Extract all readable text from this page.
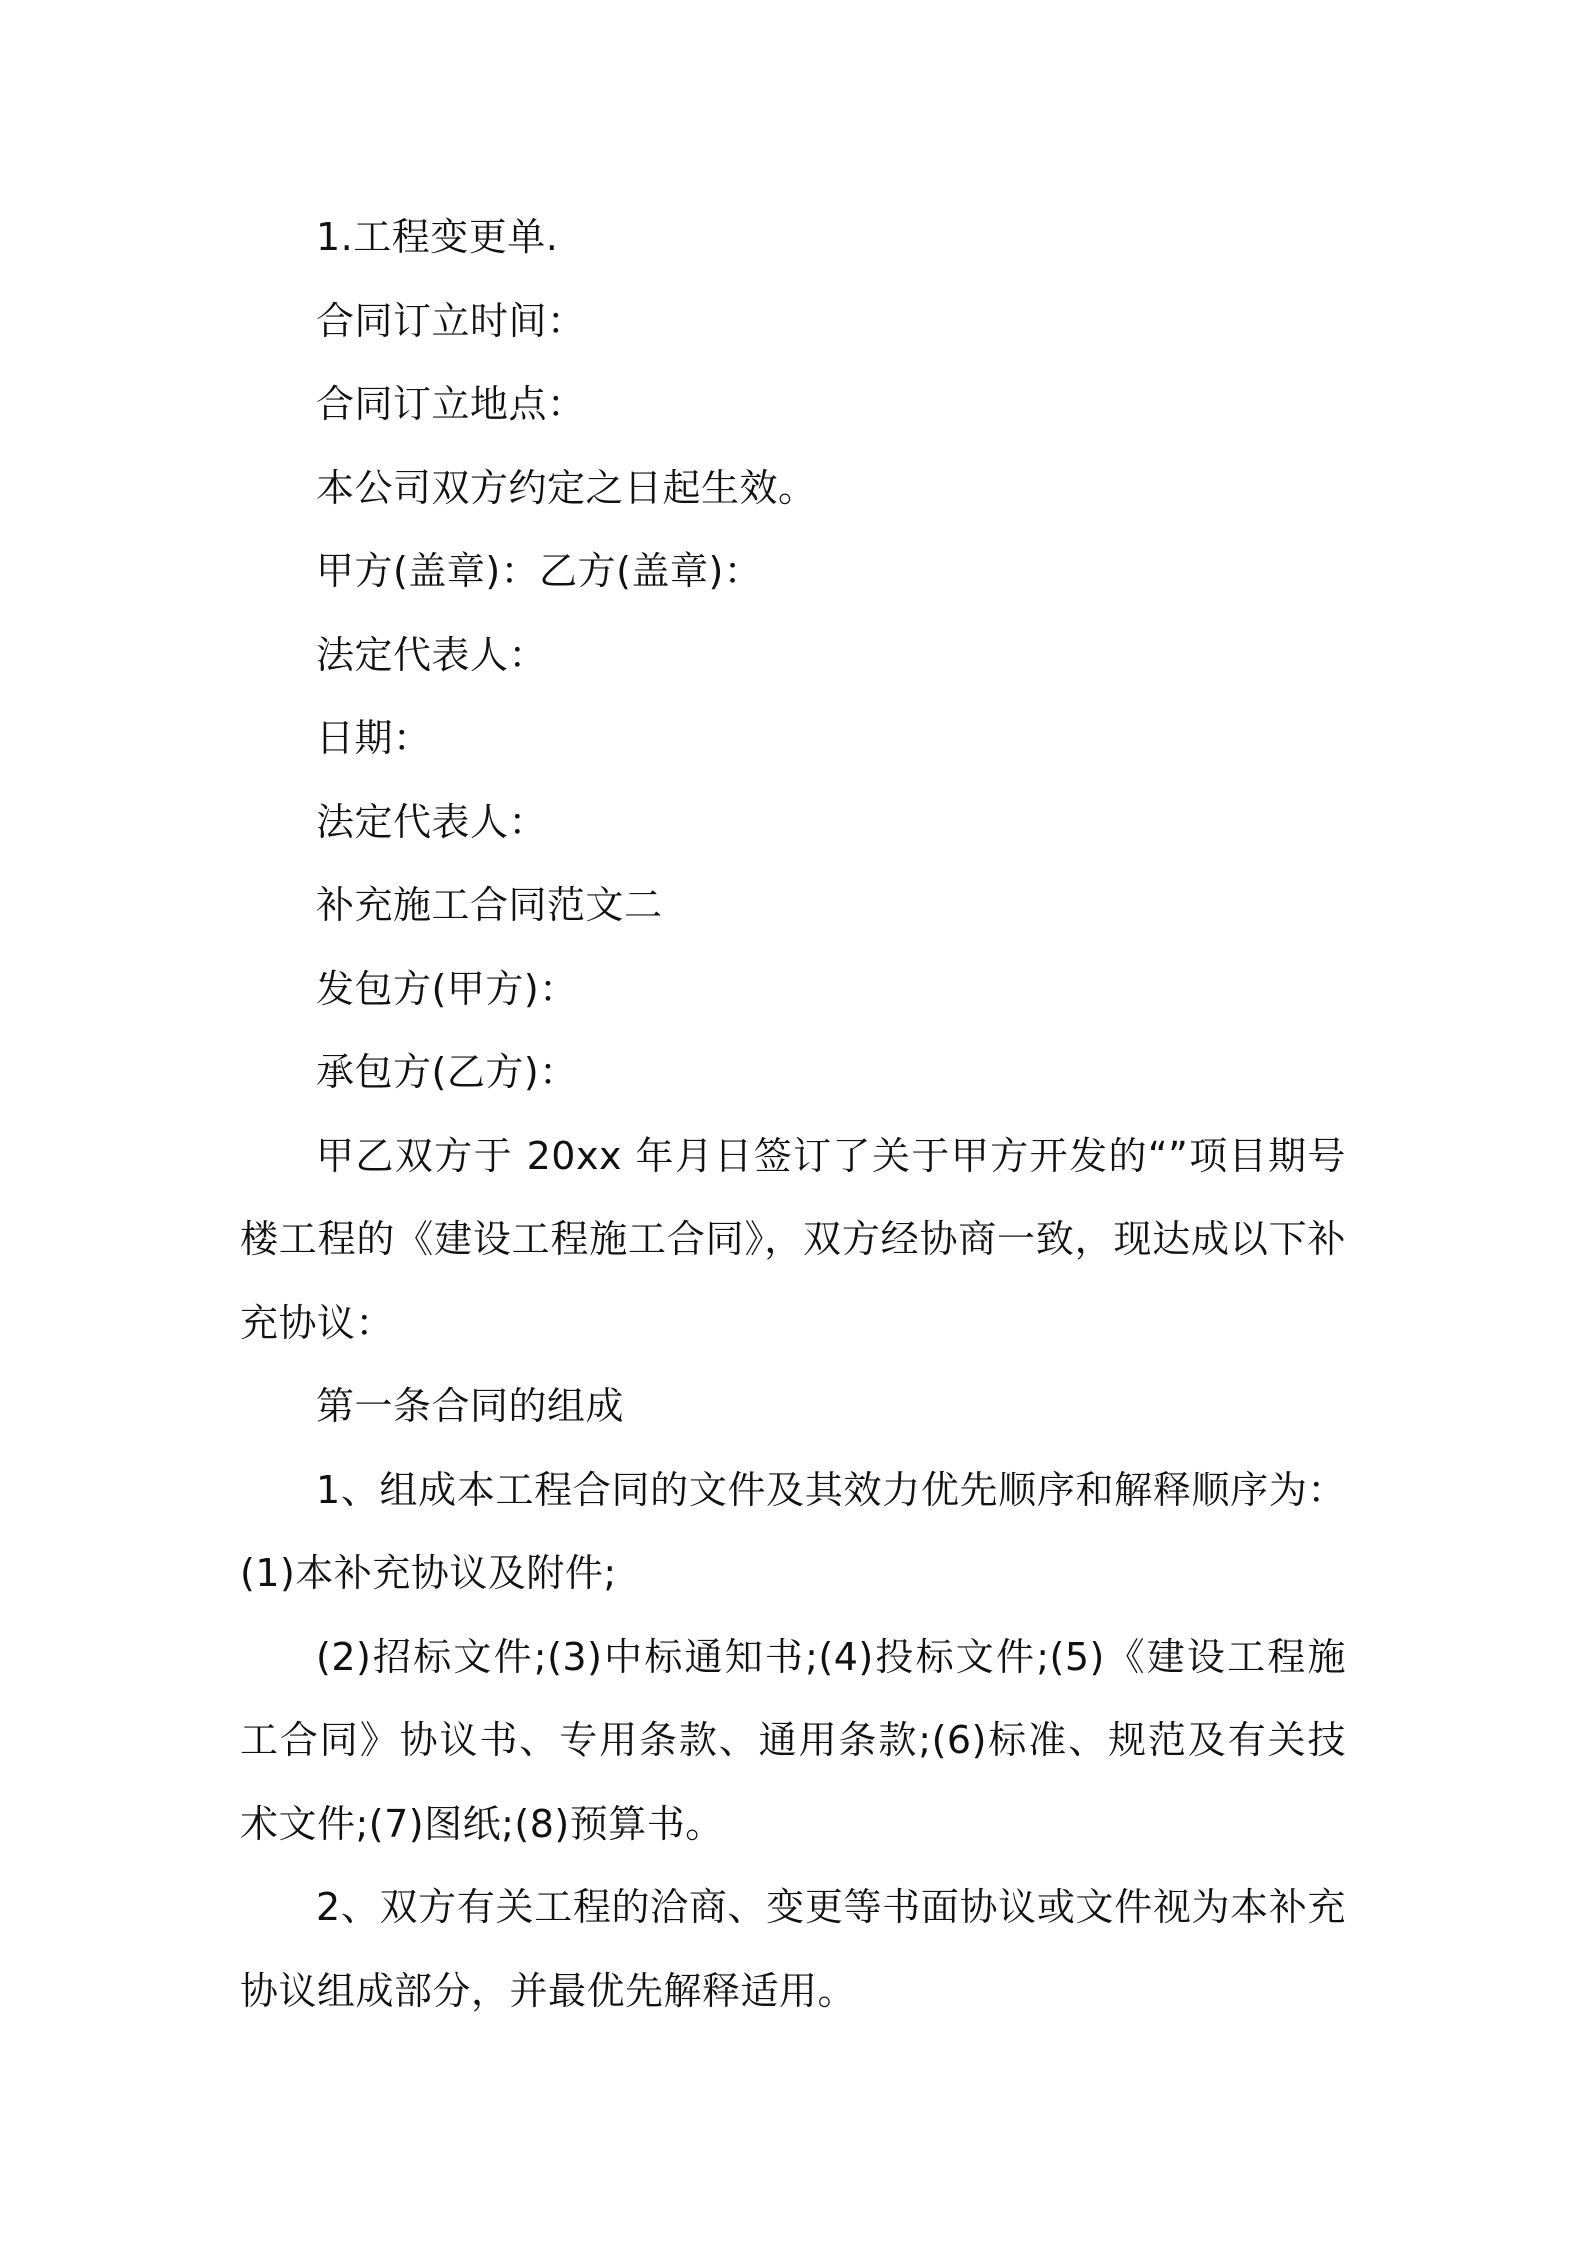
1.工程变更单.

合同订立时间：

合同订立地点：

本公司双方约定之日起生效。

甲方(盖章)：乙方(盖章)：

法定代表人：

日期：

法定代表人：

补充施工合同范文二

发包方(甲方)：

承包方(乙方)：

甲乙双方于 20xx 年月日签订了关于甲方开发的“”项目期号楼工程的《建设工程施工合同》，双方经协商一致，现达成以下补充协议：

第一条合同的组成

1、组成本工程合同的文件及其效力优先顺序和解释顺序为：(1)本补充协议及附件;

(2)招标文件;(3)中标通知书;(4)投标文件;(5)《建设工程施工合同》协议书、专用条款、通用条款;(6)标准、规范及有关技术文件;(7)图纸;(8)预算书。

2、双方有关工程的洽商、变更等书面协议或文件视为本补充协议组成部分，并最优先解释适用。
